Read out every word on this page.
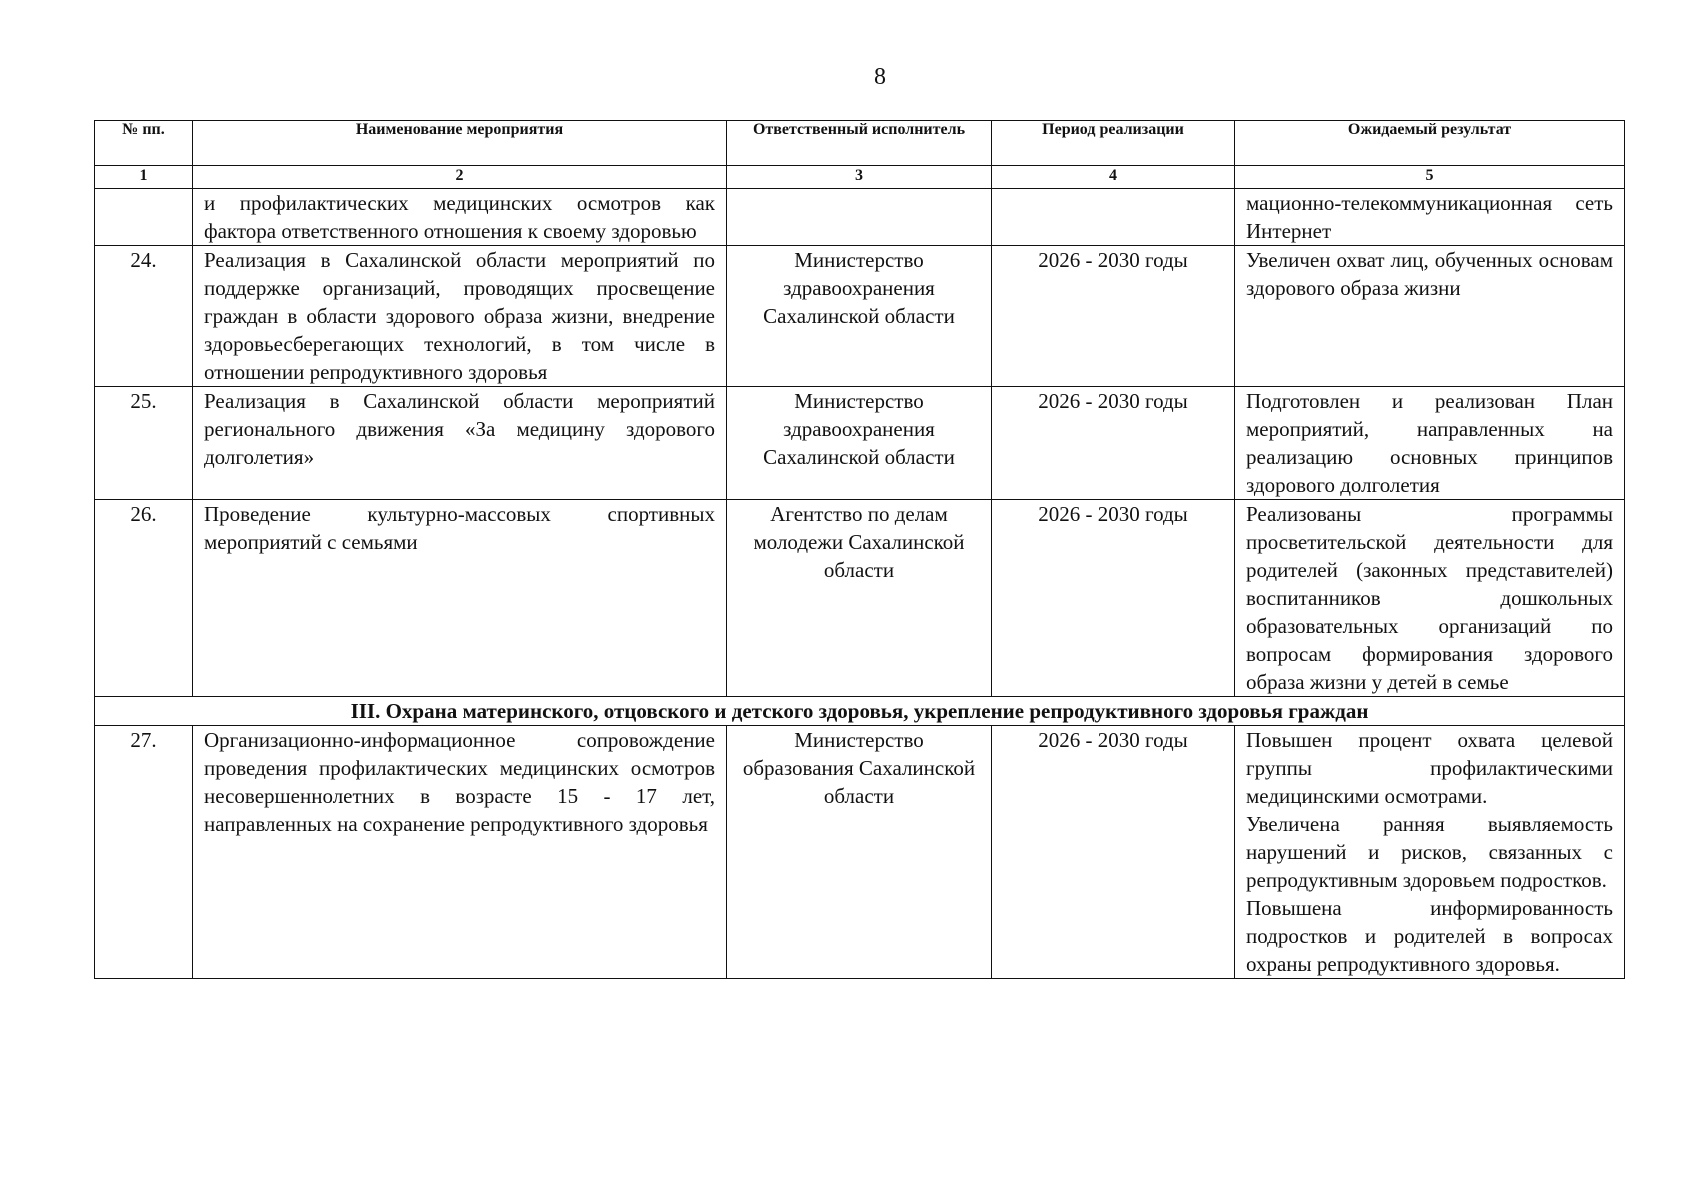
8
№ пп.	Наименование мероприятия	Ответственный исполнитель	Период реализации	Ожидаемый результат
1	2	3	4	5
	и профилактических медицинских осмотров как фактора ответственного отношения к своему здоровью			мационно-телекоммуникационная сеть Интернет

24.	Реализация в Сахалинской области мероприятий по поддержке организаций, проводящих просвещение граждан в области здорового образа жизни, внедрение здоровьесберегающих технологий, в том числе в отношении репродуктивного здоровья	Министерство здравоохранения Сахалинской области	2026 - 2030 годы	Увеличен охват лиц, обученных основам здорового образа жизни

25.	Реализация в Сахалинской области мероприятий регионального движения «За медицину здорового долголетия»	Министерство здравоохранения Сахалинской области	2026 - 2030 годы	Подготовлен и реализован План мероприятий, направленных на реализацию основных принципов здорового долголетия

26.	Проведение культурно-массовых спортивных мероприятий с семьями	Агентство по делам молодежи Сахалинской области	2026 - 2030 годы	Реализованы программы просветительской деятельности для родителей (законных представителей) воспитанников дошкольных образовательных организаций по вопросам формирования здорового образа жизни у детей в семье

III. Охрана материнского, отцовского и детского здоровья, укрепление репродуктивного здоровья граждан				
27.	Организационно-информационное сопровождение проведения профилактических медицинских осмотров несовершеннолетних в возрасте 15 - 17 лет, направленных на сохранение репродуктивного здоровья	Министерство образования Сахалинской области	2026 - 2030 годы	Повышен процент охвата целевой группы профилактическими медицинскими осмотрами.
Увеличена ранняя выявляемость нарушений и рисков, связанных с репродуктивным здоровьем подростков.
Повышена информированность подростков и родителей в вопросах охраны репродуктивного здоровья.
